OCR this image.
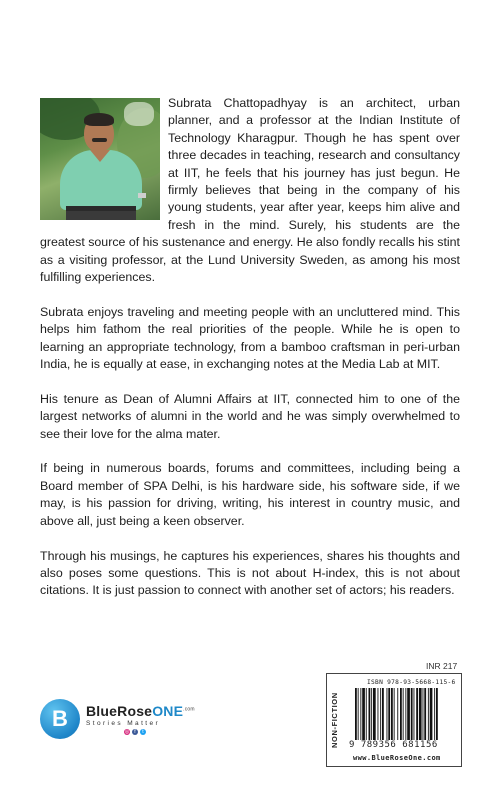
Subrata Chattopadhyay is an architect, urban planner, and a professor at the Indian Institute of Technology Kharagpur. Though he has spent over three decades in teaching, research and consultancy at IIT, he feels that his journey has just begun. He firmly believes that being in the company of his young students, year after year, keeps him alive and fresh in the mind. Surely, his students are the greatest source of his sustenance and energy. He also fondly recalls his stint as a visiting professor, at the Lund University Sweden, as among his most fulfilling experiences.

Subrata enjoys traveling and meeting people with an uncluttered mind. This helps him fathom the real priorities of the people. While he is open to learning an appropriate technology, from a bamboo craftsman in peri-urban India, he is equally at ease, in exchanging notes at the Media Lab at MIT.

His tenure as Dean of Alumni Affairs at IIT, connected him to one of the largest networks of alumni in the world and he was simply overwhelmed to see their love for the alma mater.

If being in numerous boards, forums and committees, including being a Board member of SPA Delhi, is his hardware side, his software side, if we may, is his passion for driving, writing, his interest in country music, and above all, just being a keen observer.

Through his musings, he captures his experiences, shares his thoughts and also poses some questions. This is not about H-index, this is not about citations. It is just passion to connect with another set of actors; his readers.

B	BlueRoseONE$^{.com}$
Stories Matter
◎	f	t
INR 217
NON-FICTION
ISBN 978-93-5668-115-6
9 789356 681156
www.BlueRoseOne.com
